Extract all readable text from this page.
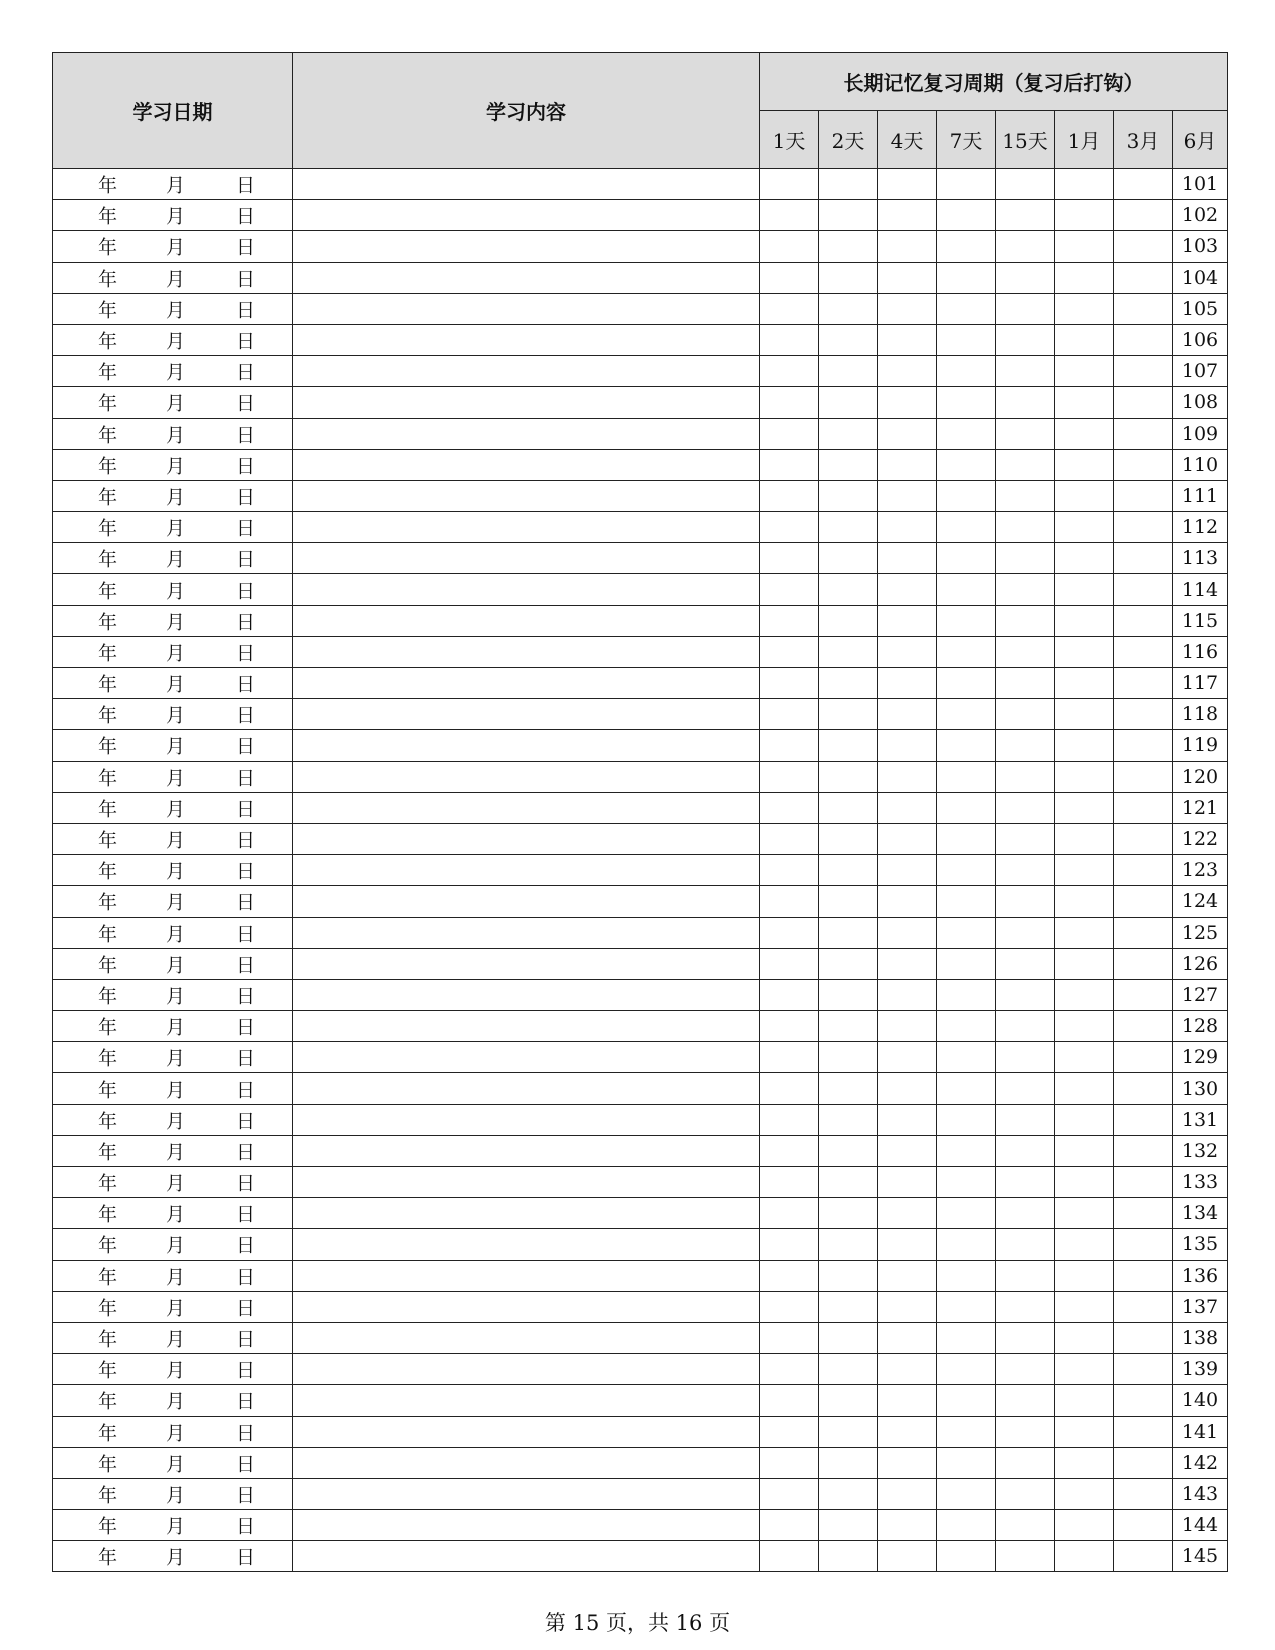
学习日期	学习内容	长期记忆复习周期（复习后打钩）							
		1天	2天	4天	7天	15天	1月	3月	6月

年 月 日									101

年 月 日									102

年 月 日									103

年 月 日									104

年 月 日									105

年 月 日									106

年 月 日									107

年 月 日									108

年 月 日									109

年 月 日									110

年 月 日									111

年 月 日									112

年 月 日									113

年 月 日									114

年 月 日									115

年 月 日									116

年 月 日									117

年 月 日									118

年 月 日									119

年 月 日									120

年 月 日									121

年 月 日									122

年 月 日									123

年 月 日									124

年 月 日									125

年 月 日									126

年 月 日									127

年 月 日									128

年 月 日									129

年 月 日									130

年 月 日									131

年 月 日									132

年 月 日									133

年 月 日									134

年 月 日									135

年 月 日									136

年 月 日									137

年 月 日									138

年 月 日									139

年 月 日									140

年 月 日									141

年 月 日									142

年 月 日									143

年 月 日									144

年 月 日									145
第 15 页，共 16 页
